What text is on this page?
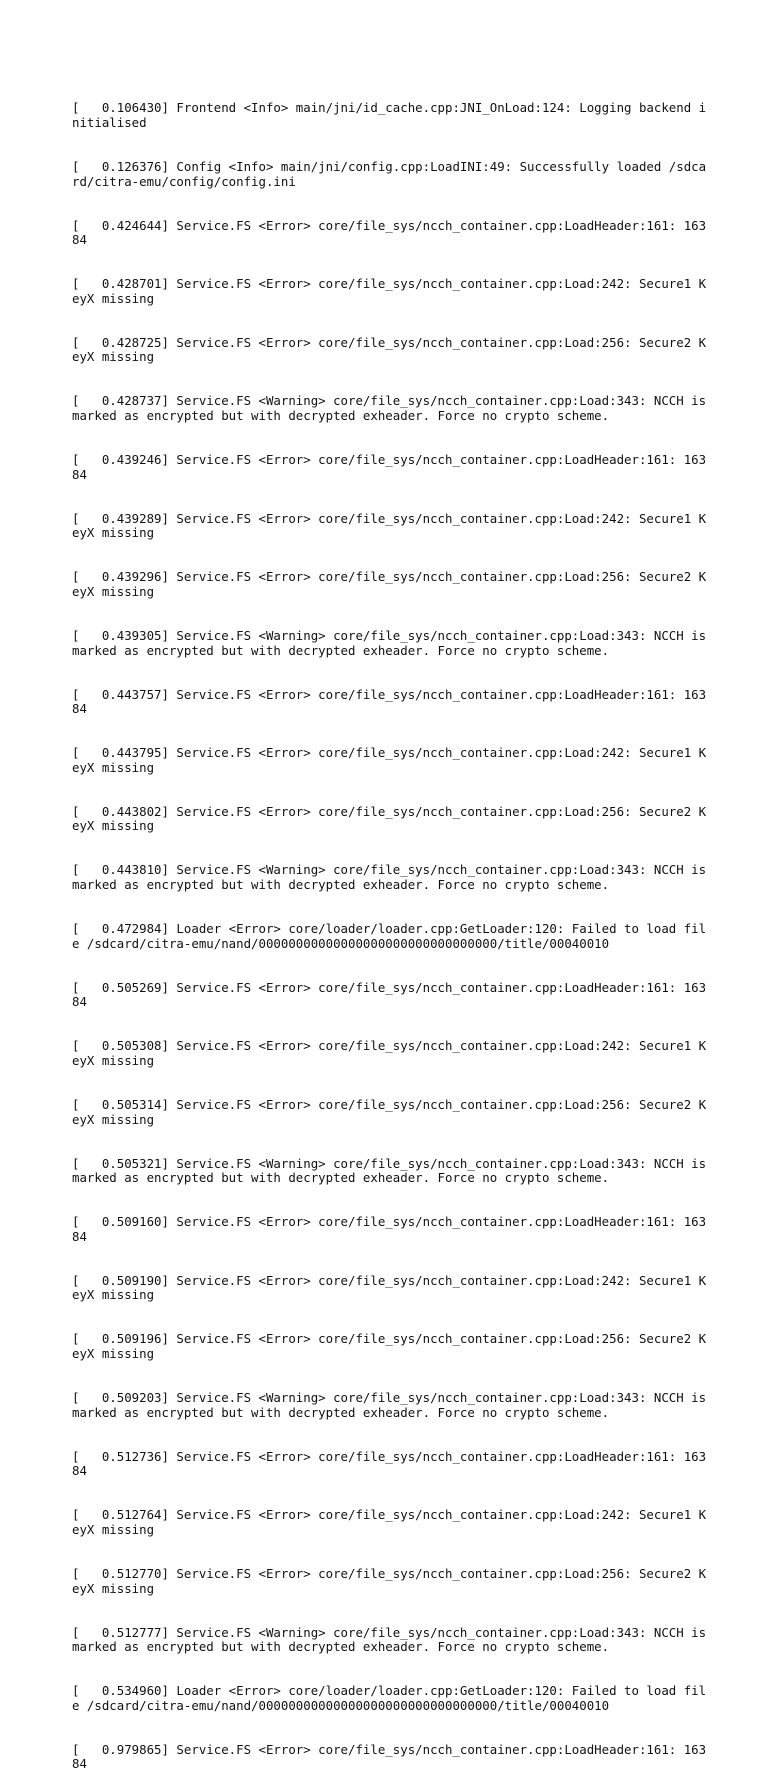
[   0.106430] Frontend <Info> main/jni/id_cache.cpp:JNI_OnLoad:124: Logging backend initialised

[   0.126376] Config <Info> main/jni/config.cpp:LoadINI:49: Successfully loaded /sdcard/citra-emu/config/config.ini

[   0.424644] Service.FS <Error> core/file_sys/ncch_container.cpp:LoadHeader:161: 16384

[   0.428701] Service.FS <Error> core/file_sys/ncch_container.cpp:Load:242: Secure1 KeyX missing

[   0.428725] Service.FS <Error> core/file_sys/ncch_container.cpp:Load:256: Secure2 KeyX missing

[   0.428737] Service.FS <Warning> core/file_sys/ncch_container.cpp:Load:343: NCCH is marked as encrypted but with decrypted exheader. Force no crypto scheme.

[   0.439246] Service.FS <Error> core/file_sys/ncch_container.cpp:LoadHeader:161: 16384

[   0.439289] Service.FS <Error> core/file_sys/ncch_container.cpp:Load:242: Secure1 KeyX missing

[   0.439296] Service.FS <Error> core/file_sys/ncch_container.cpp:Load:256: Secure2 KeyX missing

[   0.439305] Service.FS <Warning> core/file_sys/ncch_container.cpp:Load:343: NCCH is marked as encrypted but with decrypted exheader. Force no crypto scheme.

[   0.443757] Service.FS <Error> core/file_sys/ncch_container.cpp:LoadHeader:161: 16384

[   0.443795] Service.FS <Error> core/file_sys/ncch_container.cpp:Load:242: Secure1 KeyX missing

[   0.443802] Service.FS <Error> core/file_sys/ncch_container.cpp:Load:256: Secure2 KeyX missing

[   0.443810] Service.FS <Warning> core/file_sys/ncch_container.cpp:Load:343: NCCH is marked as encrypted but with decrypted exheader. Force no crypto scheme.

[   0.472984] Loader <Error> core/loader/loader.cpp:GetLoader:120: Failed to load file /sdcard/citra-emu/nand/00000000000000000000000000000000/title/00040010

[   0.505269] Service.FS <Error> core/file_sys/ncch_container.cpp:LoadHeader:161: 16384

[   0.505308] Service.FS <Error> core/file_sys/ncch_container.cpp:Load:242: Secure1 KeyX missing

[   0.505314] Service.FS <Error> core/file_sys/ncch_container.cpp:Load:256: Secure2 KeyX missing

[   0.505321] Service.FS <Warning> core/file_sys/ncch_container.cpp:Load:343: NCCH is marked as encrypted but with decrypted exheader. Force no crypto scheme.

[   0.509160] Service.FS <Error> core/file_sys/ncch_container.cpp:LoadHeader:161: 16384

[   0.509190] Service.FS <Error> core/file_sys/ncch_container.cpp:Load:242: Secure1 KeyX missing

[   0.509196] Service.FS <Error> core/file_sys/ncch_container.cpp:Load:256: Secure2 KeyX missing

[   0.509203] Service.FS <Warning> core/file_sys/ncch_container.cpp:Load:343: NCCH is marked as encrypted but with decrypted exheader. Force no crypto scheme.

[   0.512736] Service.FS <Error> core/file_sys/ncch_container.cpp:LoadHeader:161: 16384

[   0.512764] Service.FS <Error> core/file_sys/ncch_container.cpp:Load:242: Secure1 KeyX missing

[   0.512770] Service.FS <Error> core/file_sys/ncch_container.cpp:Load:256: Secure2 KeyX missing

[   0.512777] Service.FS <Warning> core/file_sys/ncch_container.cpp:Load:343: NCCH is marked as encrypted but with decrypted exheader. Force no crypto scheme.

[   0.534960] Loader <Error> core/loader/loader.cpp:GetLoader:120: Failed to load file /sdcard/citra-emu/nand/00000000000000000000000000000000/title/00040010

[   0.979865] Service.FS <Error> core/file_sys/ncch_container.cpp:LoadHeader:161: 16384
